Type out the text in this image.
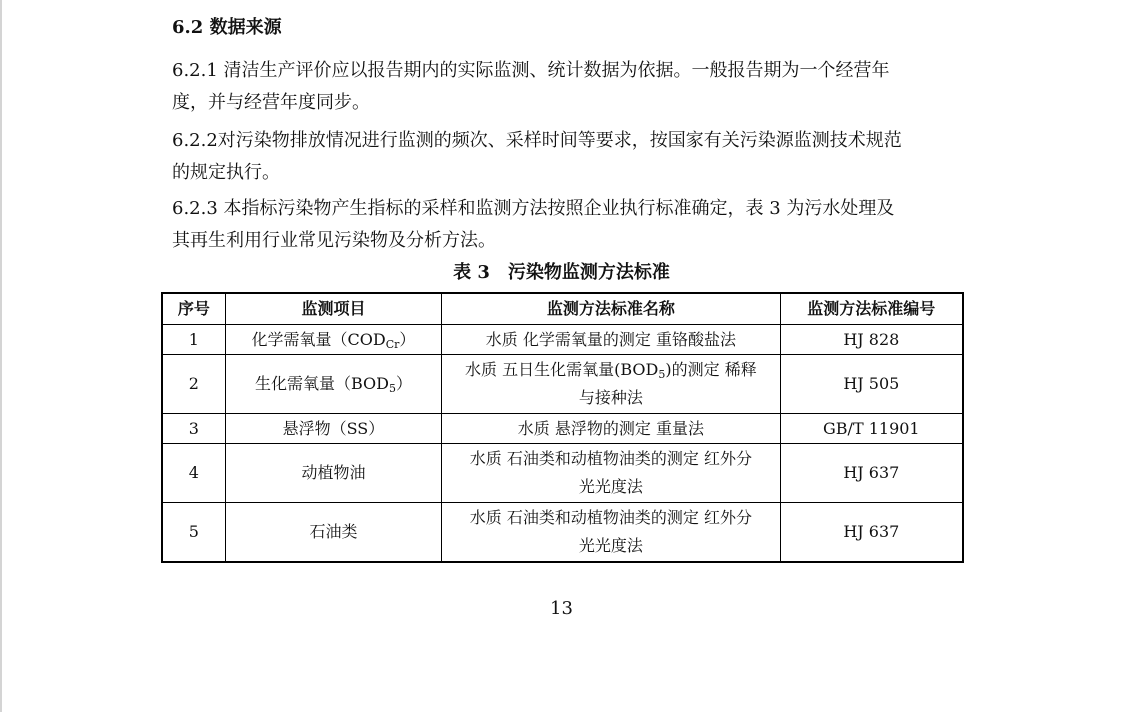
6.2 数据来源
6.2.1 清洁生产评价应以报告期内的实际监测、统计数据为依据。一般报告期为一个经营年
度，并与经营年度同步。
6.2.2对污染物排放情况进行监测的频次、采样时间等要求，按国家有关污染源监测技术规范
的规定执行。
6.2.3 本指标污染物产生指标的采样和监测方法按照企业执行标准确定，表 3 为污水处理及
其再生利用行业常见污染物及分析方法。
表 3　污染物监测方法标准
序号	监测项目	监测方法标准名称	监测方法标准编号
1	化学需氧量$(COD_{Cr})$	水质 化学需氧量的测定 重铬酸盐法	HJ 828
2	生化需氧量$(BOD_5)$	水质 五日生化需氧量$(BOD_5)$的测定 稀释
与接种法	HJ 505
3	悬浮物（SS）	水质 悬浮物的测定 重量法	GB/T 11901
4	动植物油	水质 石油类和动植物油类的测定 红外分
光光度法	HJ 637
5	石油类	水质 石油类和动植物油类的测定 红外分
光光度法	HJ 637
13
